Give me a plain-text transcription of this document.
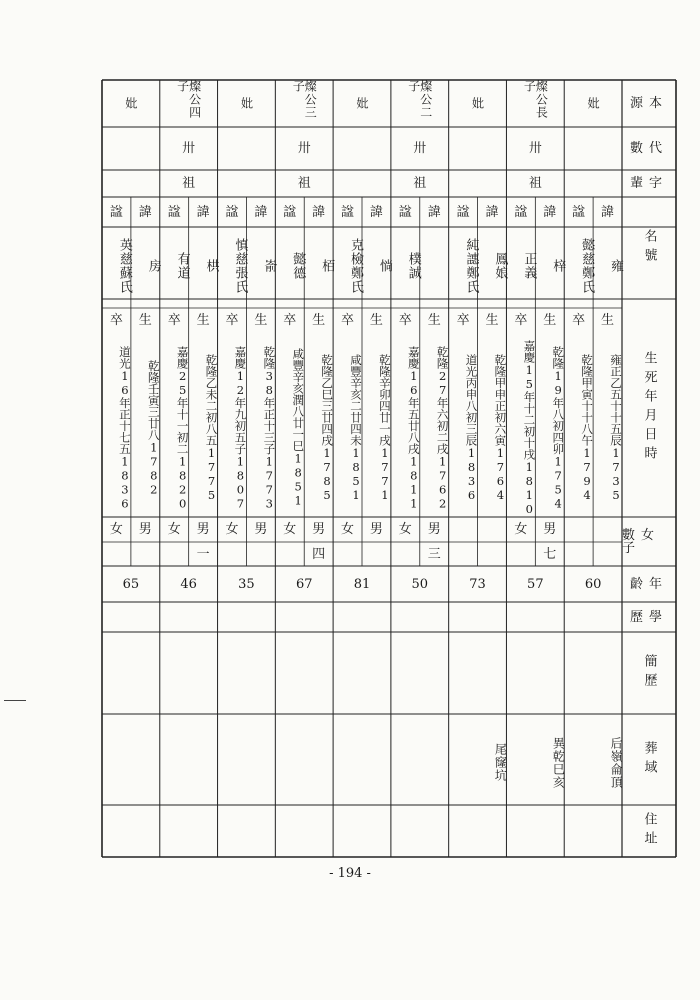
源本
數代
輩字
名號
生死年月日時
數女子
齡年
歷學
簡歷
葬域
住址
妣
諱
諡
雍
懿慈鄭氏
生
卒
雍正乙五十十五辰1735
乾隆甲寅十十八午1794
60
后嶺侖頂
燦公長子
卅
祖
諱
諡
梓
正義
生
卒
乾隆19年八初四卯1754
嘉慶15年十二初十戌1810
男
女
七
57
異乾巳亥
妣
諱
諡
鳳娘
純譓鄭氏
生
卒
乾隆甲申正初六寅1764
道光丙申八初三辰1836
73
尾窿坑
燦公二子
卅
祖
諱
諡
樸誠
生
卒
乾隆27年六初二戌1762
嘉慶16年五廿八戌1811
男
女
三
50
妣
諱
諡
惝
克檢鄭氏
生
卒
乾隆辛卯四廿一戌1771
咸豐辛亥二廿四未1851
男
女
81
燦公三子
卅
祖
諱
諡
栢
懿德
生
卒
乾隆乙巳三廿四戌1785
咸豐辛亥潤八廿一巳1851
男
女
四
67
妣
諱
諡
嵛
慎慈張氏
生
卒
乾隆38年正十三子1773
嘉慶12年九初五子1807
男
女
35
燦公四子
卅
祖
諱
諡
栱
有道
生
卒
乾隆乙未二初八五1775
嘉慶25年十一初二1820
男
女
一
46
妣
諱
諡
房
英慈蘇氏
生
卒
乾隆壬寅三廿八1782
道光16年正十七五1836
男
女
65
- 194 -
